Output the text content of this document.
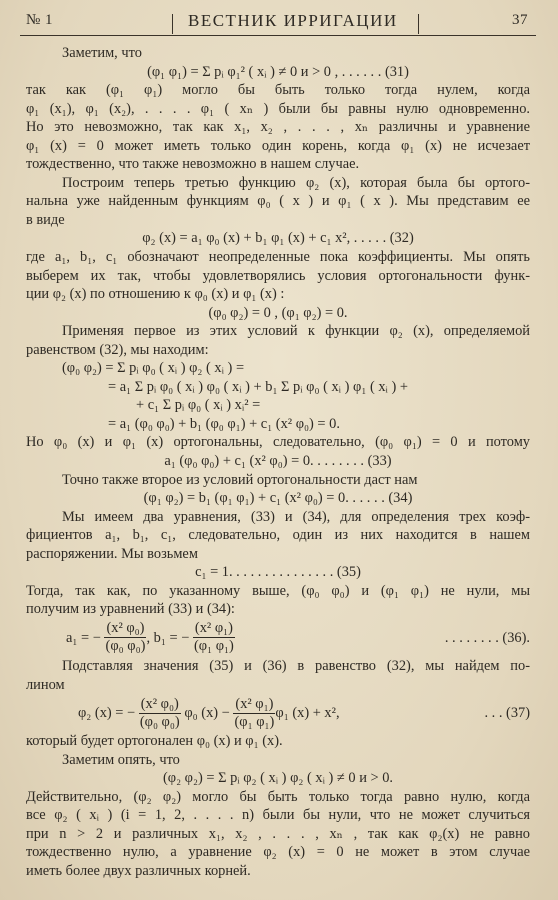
№ 1	ВЕСТНИК ИРРИГАЦИИ	37
Заметим, что
(φ₁ φ₁) = Σ pᵢ φ₁² ( xᵢ ) ≠ 0 и > 0 , . . . . . . (31)
так как (φ₁ φ₁) могло бы быть только тогда нулем, когда
φ₁ (x₁), φ₁ (x₂), . . . . φ₁ ( xₙ ) были бы равны нулю одновременно.
Но это невозможно, так как x₁, x₂ , . . . , xₙ различны и уравнение
φ₁ (x) = 0 может иметь только один корень, когда φ₁ (x) не исчезает
тождественно, что также невозможно в нашем случае.
Построим теперь третью функцию φ₂ (x), которая была бы ортого-
нальна уже найденным функциям φ₀ ( x ) и φ₁ ( x ). Мы представим ее
в виде
φ₂ (x) = a₁ φ₀ (x) + b₁ φ₁ (x) + c₁ x², . . . . . (32)
где a₁, b₁, c₁ обозначают неопределенные пока коэффициенты. Мы опять
выберем их так, чтобы удовлетворялись условия ортогональности функ-
ции φ₂ (x) по отношению к φ₀ (x) и φ₁ (x) :
(φ₀ φ₂) = 0 , (φ₁ φ₂) = 0.
Применяя первое из этих условий к функции φ₂ (x), определяемой
равенством (32), мы находим:
(φ₀ φ₂) = Σ pᵢ φ₀ ( xᵢ ) φ₂ ( xᵢ ) =
= a₁ Σ pᵢ φ₀ ( xᵢ ) φ₀ ( xᵢ ) + b₁ Σ pᵢ φ₀ ( xᵢ ) φ₁ ( xᵢ ) +
+ c₁ Σ pᵢ φ₀ ( xᵢ ) xᵢ² =
= a₁ (φ₀ φ₀) + b₁ (φ₀ φ₁) + c₁ (x² φ₀) = 0.
Но φ₀ (x) и φ₁ (x) ортогональны, следовательно, (φ₀ φ₁) = 0 и потому
a₁ (φ₀ φ₀) + c₁ (x² φ₀) = 0. . . . . . . . (33)
Точно также второе из условий ортогональности даст нам
(φ₁ φ₂) = b₁ (φ₁ φ₁) + c₁ (x² φ₀) = 0. . . . . . (34)
Мы имеем два уравнения, (33) и (34), для определения трех коэф-
фициентов a₁, b₁, c₁, следовательно, один из них находится в нашем
распоряжении. Мы возьмем
c₁ = 1. . . . . . . . . . . . . . . (35)
Тогда, так как, по указанному выше, (φ₀ φ₀) и (φ₁ φ₁) не нули, мы
получим из уравнений (33) и (34):
a₁ = −
$\frac{\text{(x² φ₀)}}{\text{(φ₀ φ₀)}}$ , b₁ = −
$\frac{\text{(x² φ₁)}}{\text{(φ₁ φ₁)}}$	. . . . . . . . (36).
Подставляя значения (35) и (36) в равенство (32), мы найдем по-
лином
φ₂ (x) = −
$\frac{\text{(x² φ₀)}}{\text{(φ₀ φ₀)}}$
φ₀ (x) −
$\frac{\text{(x² φ₁)}}{\text{(φ₁ φ₁)}} \varphi_1$ (x) + x²,	. . . (37)
который будет ортогонален φ₀ (x) и φ₁ (x).
Заметим опять, что
(φ₂ φ₂) = Σ pᵢ φ₂ ( xᵢ ) φ₂ ( xᵢ ) ≠ 0 и > 0.
Действительно, (φ₂ φ₂) могло бы быть только тогда равно нулю, когда
все φ₂ ( xᵢ ) (i = 1, 2, . . . . n) были бы нули, что не может случиться
при n > 2 и различных x₁, x₂ , . . . , xₙ , так как φ₂(x) не равно
тождественно нулю, а уравнение φ₂ (x) = 0 не может в этом случае
иметь более двух различных корней.
